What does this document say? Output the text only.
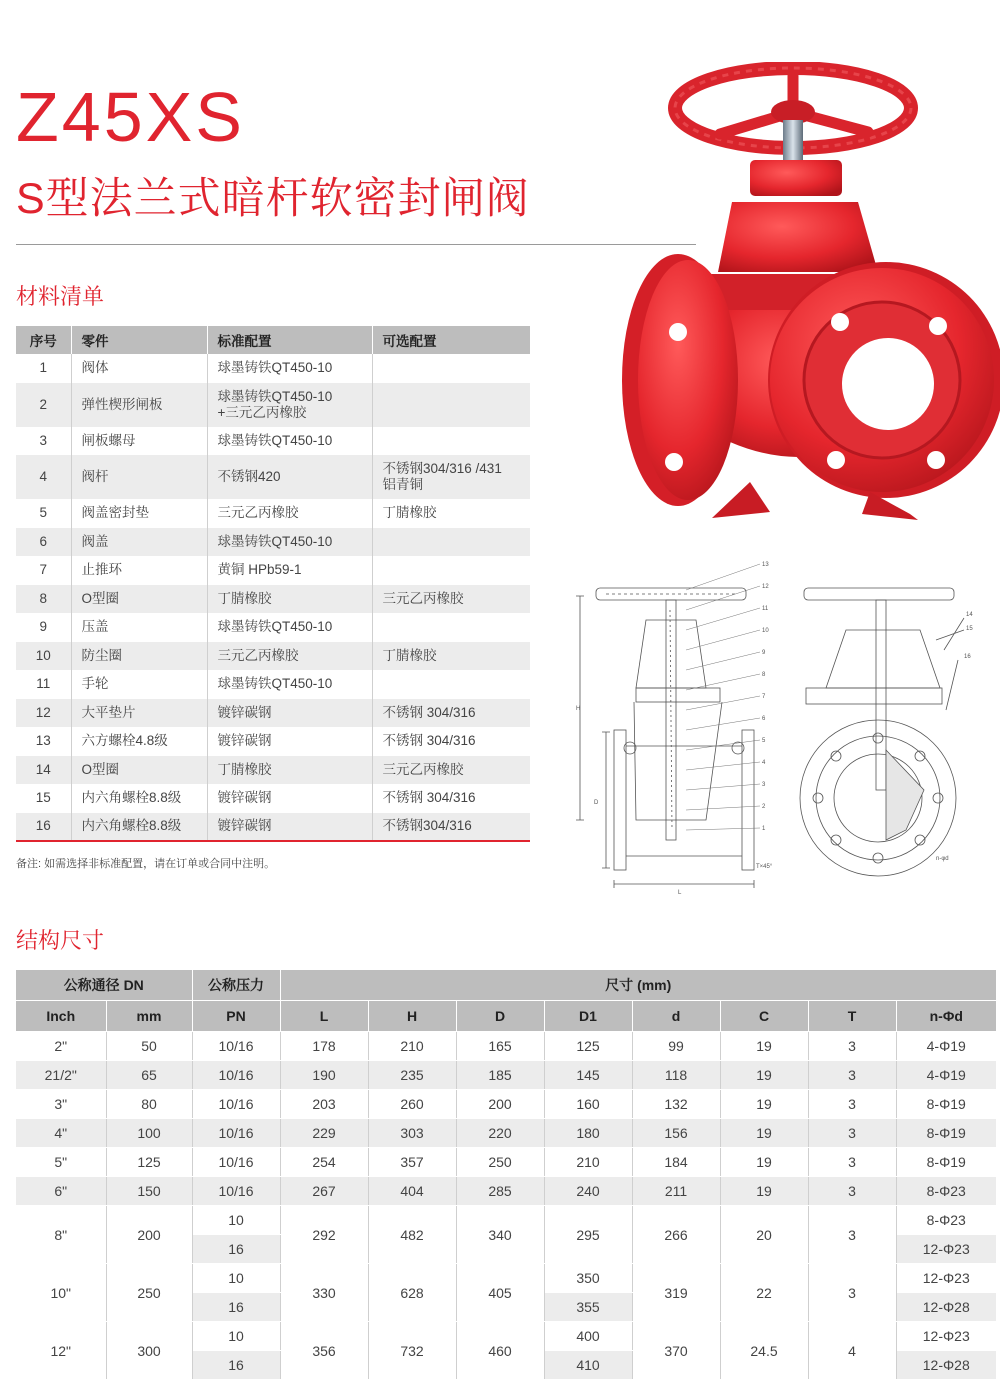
Z45XS
S型法兰式暗杆软密封闸阀
材料清单
序号	零件	标准配置	可选配置
1	阀体	球墨铸铁QT450-10	
2	弹性楔形闸板	球墨铸铁QT450-10
+三元乙丙橡胶	
3	闸板螺母	球墨铸铁QT450-10	
4	阀杆	不锈钢420	不锈钢304/316 /431
铝青铜
5	阀盖密封垫	三元乙丙橡胶	丁腈橡胶
6	阀盖	球墨铸铁QT450-10	
7	止推环	黄铜 HPb59-1	
8	O型圈	丁腈橡胶	三元乙丙橡胶
9	压盖	球墨铸铁QT450-10	
10	防尘圈	三元乙丙橡胶	丁腈橡胶
11	手轮	球墨铸铁QT450-10	
12	大平垫片	镀锌碳钢	不锈钢 304/316
13	六方螺栓4.8级	镀锌碳钢	不锈钢 304/316
14	O型圈	丁腈橡胶	三元乙丙橡胶
15	内六角螺栓8.8级	镀锌碳钢	不锈钢 304/316
16	内六角螺栓8.8级	镀锌碳钢	不锈钢304/316
备注: 如需选择非标准配置，请在订单或合同中注明。
13
12
11
10
9
8
7
6
5
4
3
2
1
H
L
D
T×45°
14
15
16
n-φd
结构尺寸
公称通径 DN		公称压力	尺寸 (mm)							
Inch	mm	PN	L	H	D	D1	d	C	T	n-Φd
2"	50	10/16	178	210	165	125	99	19	3	4-Φ19
21/2"	65	10/16	190	235	185	145	118	19	3	4-Φ19
3"	80	10/16	203	260	200	160	132	19	3	8-Φ19
4"	100	10/16	229	303	220	180	156	19	3	8-Φ19
5"	125	10/16	254	357	250	210	184	19	3	8-Φ19
6"	150	10/16	267	404	285	240	211	19	3	8-Φ23
8"	200	10	292	482	340	295	266	20	3	8-Φ23
		16								12-Φ23
10"	250	10	330	628	405	350	319	22	3	12-Φ23
		16				355				12-Φ28
12"	300	10	356	732	460	400	370	24.5	4	12-Φ23
		16				410				12-Φ28
